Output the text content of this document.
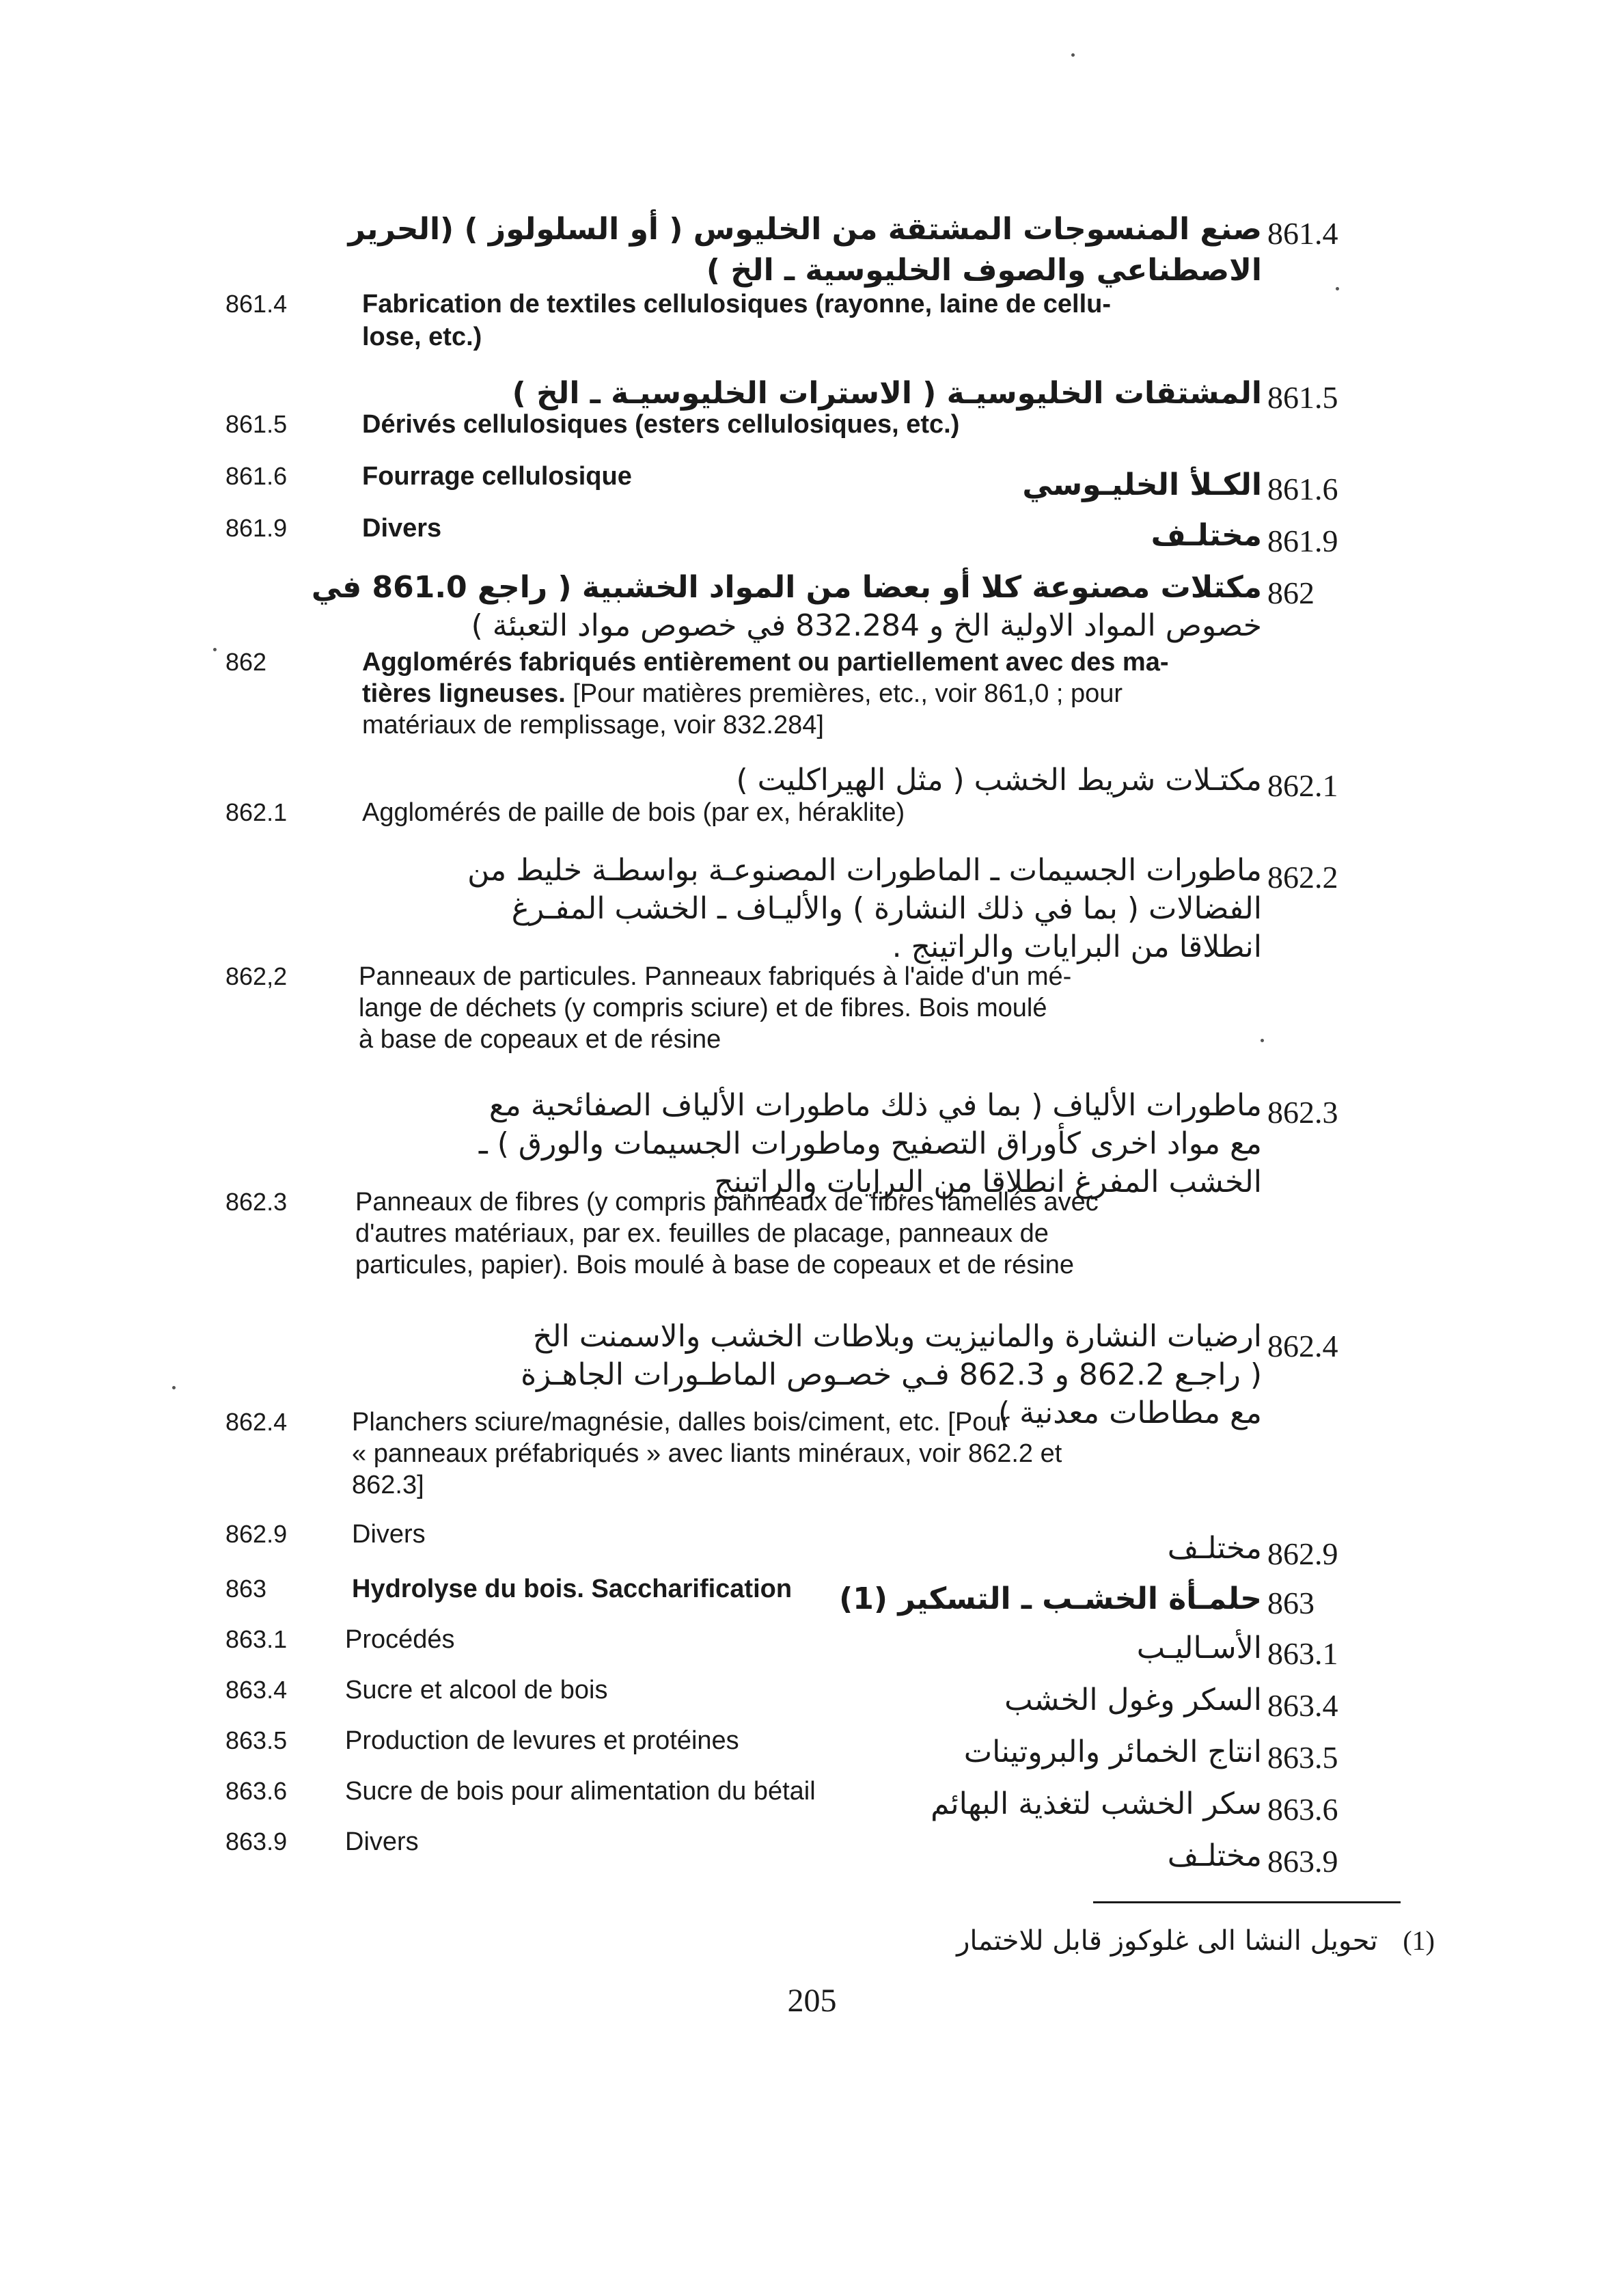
861.4
صنع المنسوجات المشتقة من الخليوس ( أو السلولوز ) (الحرير
الاصطناعي والصوف الخليوسية ـ الخ )
861.4	Fabrication de textiles cellulosiques (rayonne, laine de cellu-
lose, etc.)
861.5
المشتقات الخليوسيـة ( الاسترات الخليوسيـة ـ الخ )
861.5	Dérivés cellulosiques (esters cellulosiques, etc.)
861.6	Fourrage cellulosique	الكـلأ الخليـوسي 861.6
861.9	Divers	مختلـف 861.9
862
مكتلات مصنوعة كلا أو بعضا من المواد الخشبية ( راجع 861.0 في
خصوص المواد الاولية الخ و 832.284 في خصوص مواد التعبئة )
862	Agglomérés fabriqués entièrement ou partiellement avec des ma-
tières ligneuses. [Pour matières premières, etc., voir 861,0 ; pour
matériaux de remplissage, voir 832.284]
مكتـلات شريط الخشب ( مثل الهيراكليت ) 862.1
862.1	Agglomérés de paille de bois (par ex, héraklite)
862.2
ماطورات الجسيمات ـ الماطورات المصنوعـة بواسطـة خليط من
الفضالات ( بما في ذلك النشارة ) والأليـاف ـ الخشب المفـرغ
انطلاقا من البرايات والراتينج .
862,2	Panneaux de particules. Panneaux fabriqués à l'aide d'un mé-
lange de déchets (y compris sciure) et de fibres. Bois moulé
à base de copeaux et de résine
862.3
ماطورات الألياف ( بما في ذلك ماطورات الألياف الصفائحية مع
مع مواد اخرى كأوراق التصفيح وماطورات الجسيمات والورق ) ـ
الخشب المفرغ انطلاقا من البرايات والراتينج
862.3	Panneaux de fibres (y compris panneaux de fibres lamellés avec
d'autres matériaux, par ex. feuilles de placage, panneaux de
particules, papier). Bois moulé à base de copeaux et de résine
862.4
ارضيات النشارة والمانيزيت وبلاطات الخشب والاسمنت الخ
( راجـع 862.2 و 862.3 فـي خصـوص الماطـورات الجاهـزة
مع مطاطات معدنية )
862.4	Planchers sciure/magnésie, dalles bois/ciment, etc. [Pour
« panneaux préfabriqués » avec liants minéraux, voir 862.2 et
862.3]
862.9	Divers	مختلـف 862.9
863	Hydrolyse du bois. Saccharification	حلمـأة الخشـب ـ التسكير (1) 863
863.1	Procédés	الأسـاليـب 863.1
863.4	Sucre et alcool de bois	السكر وغول الخشب 863.4
863.5	Production de levures et protéines	انتاج الخمائر والبروتينات 863.5
863.6	Sucre de bois pour alimentation du bétail	سكر الخشب لتغذية البهائم 863.6
863.9	Divers	مختلـف 863.9
(1) تحويل النشا الى غلوكوز قابل للاختمار
205
